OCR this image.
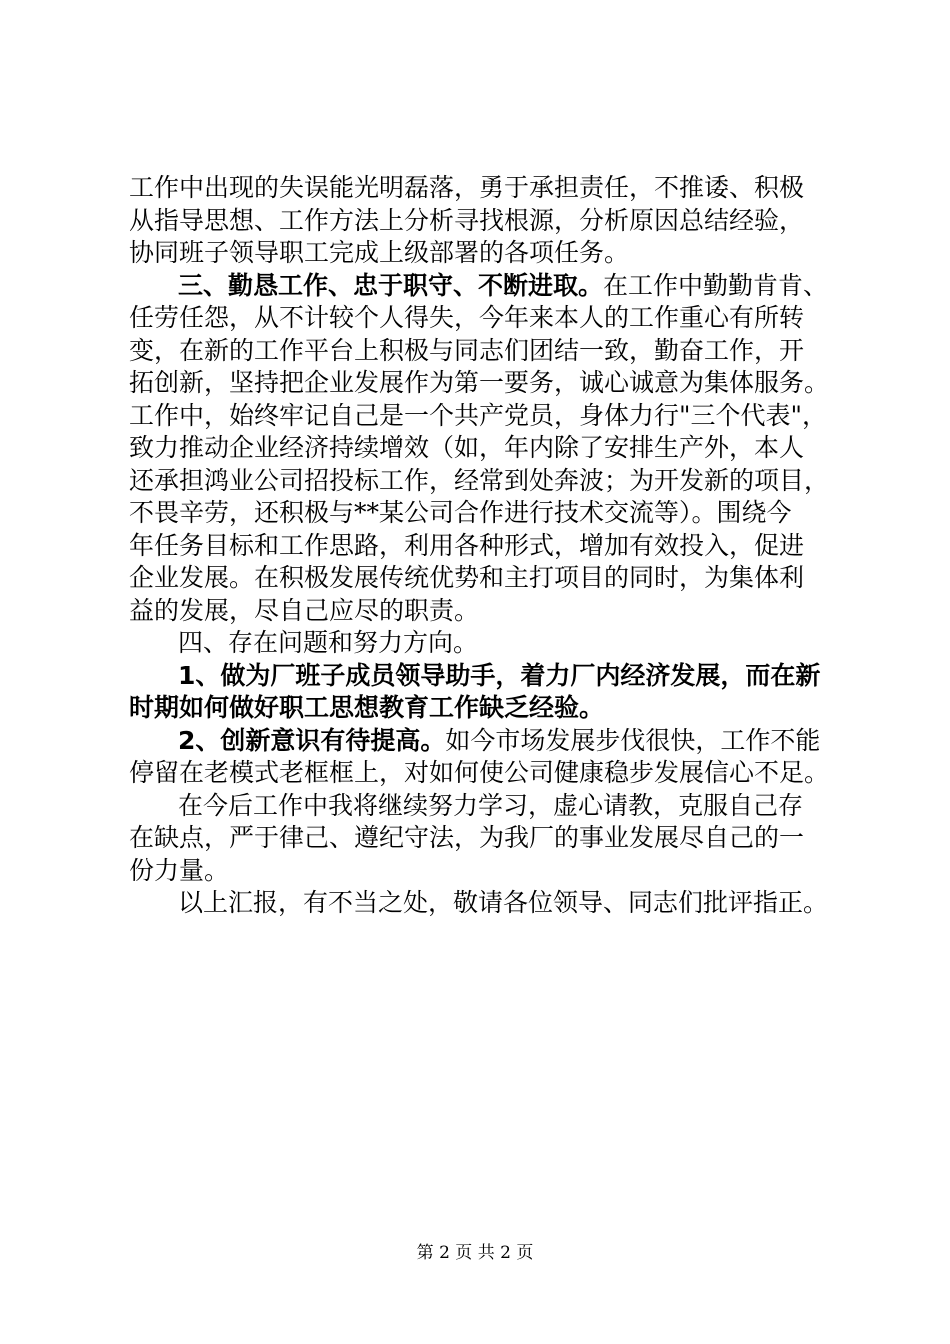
工作中出现的失误能光明磊落，勇于承担责任，不推诿、积极
从指导思想、工作方法上分析寻找根源，分析原因总结经验，
协同班子领导职工完成上级部署的各项任务。
三、勤恳工作、忠于职守、不断进取。在工作中勤勤肯肯、
任劳任怨，从不计较个人得失，今年来本人的工作重心有所转
变，在新的工作平台上积极与同志们团结一致，勤奋工作，开
拓创新，坚持把企业发展作为第一要务，诚心诚意为集体服务。
工作中，始终牢记自己是一个共产党员，身体力行"三个代表"，
致力推动企业经济持续增效（如，年内除了安排生产外，本人
还承担鸿业公司招投标工作，经常到处奔波；为开发新的项目，
不畏辛劳，还积极与**某公司合作进行技术交流等）。围绕今
年任务目标和工作思路，利用各种形式，增加有效投入，促进
企业发展。在积极发展传统优势和主打项目的同时，为集体利
益的发展，尽自己应尽的职责。
四、存在问题和努力方向。
1、做为厂班子成员领导助手，着力厂内经济发展，而在新
时期如何做好职工思想教育工作缺乏经验。
2、创新意识有待提高。如今市场发展步伐很快，工作不能
停留在老模式老框框上，对如何使公司健康稳步发展信心不足。
在今后工作中我将继续努力学习，虚心请教，克服自己存
在缺点，严于律己、遵纪守法，为我厂的事业发展尽自己的一
份力量。
以上汇报，有不当之处，敬请各位领导、同志们批评指正。
第 2 页 共 2 页
